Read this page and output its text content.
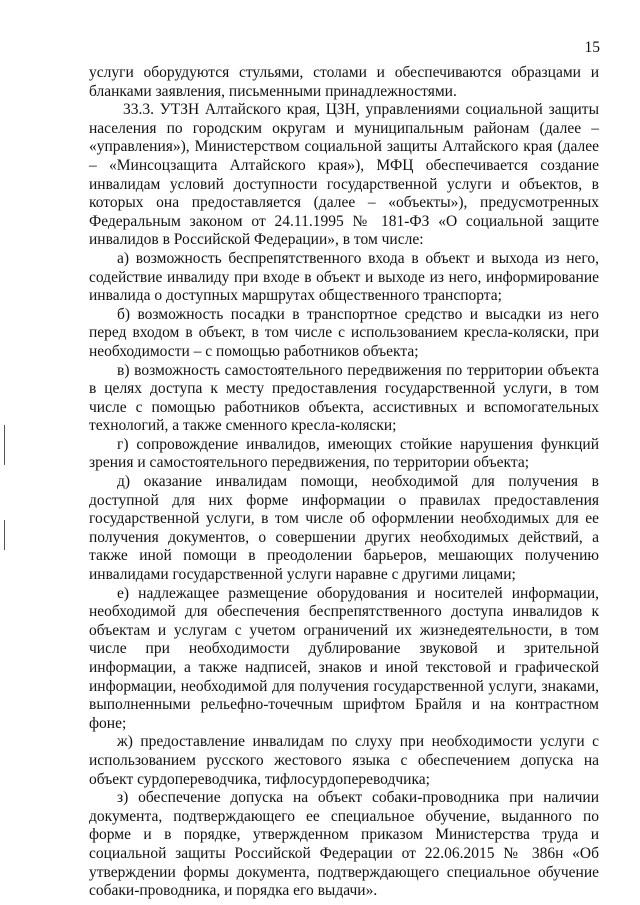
15

услуги оборудуются стульями, столами и обеспечиваются образцами и бланками заявления, письменными принадлежностями.

33.3. УТЗН Алтайского края, ЦЗН, управлениями социальной защиты населения по городским округам и муниципальным районам (далее – «управления»), Министерством социальной защиты Алтайского края (далее – «Минсоцзащита Алтайского края»), МФЦ обеспечивается создание инвалидам условий доступности государственной услуги и объектов, в которых она предоставляется (далее – «объекты»), предусмотренных Федеральным законом от 24.11.1995 № 181-ФЗ «О социальной защите инвалидов в Российской Федерации», в том числе:

а) возможность беспрепятственного входа в объект и выхода из него, содействие инвалиду при входе в объект и выходе из него, информирование инвалида о доступных маршрутах общественного транспорта;

б) возможность посадки в транспортное средство и высадки из него перед входом в объект, в том числе с использованием кресла-коляски, при необходимости – с помощью работников объекта;

в) возможность самостоятельного передвижения по территории объекта в целях доступа к месту предоставления государственной услуги, в том числе с помощью работников объекта, ассистивных и вспомогательных технологий, а также сменного кресла-коляски;

г) сопровождение инвалидов, имеющих стойкие нарушения функций зрения и самостоятельного передвижения, по территории объекта;

д) оказание инвалидам помощи, необходимой для получения в доступной для них форме информации о правилах предоставления государственной услуги, в том числе об оформлении необходимых для ее получения документов, о совершении других необходимых действий, а также иной помощи в преодолении барьеров, мешающих получению инвалидами государственной услуги наравне с другими лицами;

е) надлежащее размещение оборудования и носителей информации, необходимой для обеспечения беспрепятственного доступа инвалидов к объектам и услугам с учетом ограничений их жизнедеятельности, в том числе при необходимости дублирование звуковой и зрительной информации, а также надписей, знаков и иной текстовой и графической информации, необходимой для получения государственной услуги, знаками, выполненными рельефно-точечным шрифтом Брайля и на контрастном фоне;

ж) предоставление инвалидам по слуху при необходимости услуги с использованием русского жестового языка с обеспечением допуска на объект сурдопереводчика, тифлосурдопереводчика;

з) обеспечение допуска на объект собаки-проводника при наличии документа, подтверждающего ее специальное обучение, выданного по форме и в порядке, утвержденном приказом Министерства труда и социальной защиты Российской Федерации от 22.06.2015 № 386н «Об утверждении формы документа, подтверждающего специальное обучение собаки-проводника, и порядка его выдачи».
